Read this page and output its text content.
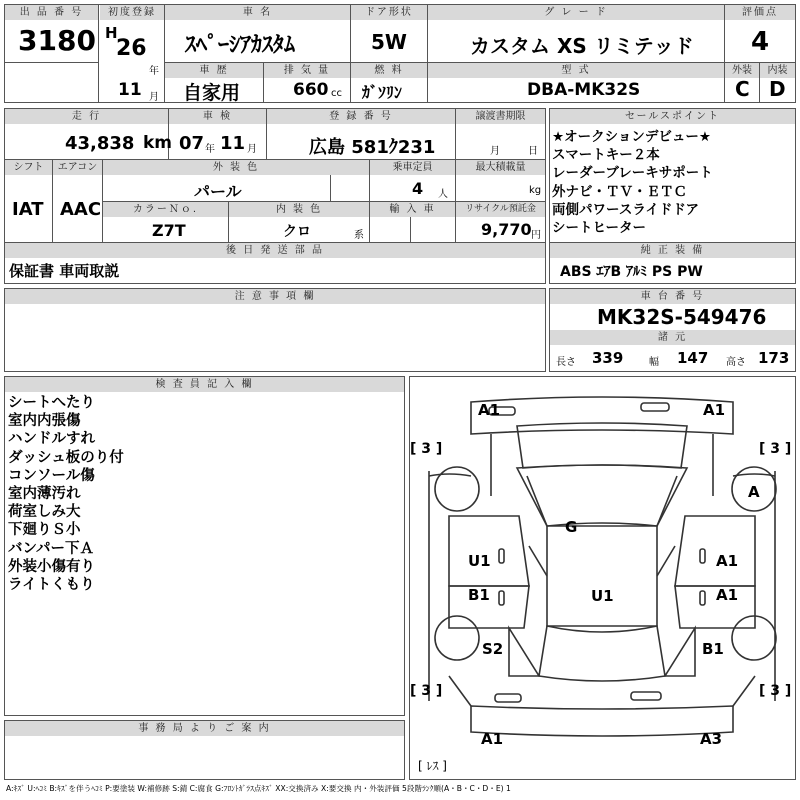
出 品 番 号
3180
初度登録
H
26
年
11 月
車 名
ｽﾍﾟｰｼｱｶｽﾀﾑ
ドア形状
5W
グ レ ー ド
カスタム XS リミテッド
評価点
4
車 歴
自家用
排 気 量
660 cc
燃 料
ｶﾞｿﾘﾝ
型 式
DBA-MK32S
外装	内装
C D
走 行
43,838 km
車 検
07 年 11 月
登 録 番 号
広島 581ｸ231
譲渡書期限
月	日
シフト
IAT
エアコン
AAC
外 装 色
パール
乗車定員
4 人
最大積載量
kg
カラーＮｏ.
Z7T
内 装 色
クロ	系
輸 入 車	リサイクル預託金
9,770 円
後 日 発 送 部 品
保証書 車両取説
セールスポイント
★オークションデビュー★
スマートキー２本
レーダーブレーキサポート
外ナビ・ＴＶ・ＥＴＣ
両側パワースライドドア
シートヒーター
純 正 装 備
ABS ｴｱB ｱﾙﾐ PS PW
注 意 事 項 欄	車 台 番 号
MK32S-549476
諸 元
長さ 339	幅 147 高さ 173
検 査 員 記 入 欄
シートへたり
室内内張傷
ハンドルすれ
ダッシュ板のり付
コンソール傷
室内薄汚れ
荷室しみ大
下廻りＳ小
バンパー下Ａ
外装小傷有り
ライトくもり
A1	A1
[ 3 ]	[ 3 ]
A
G
U1	A1
B1	A1
U1
S2	B1
[ 3 ]	[ 3 ]
A1	A3
[ ﾚｽ ]
事 務 局 よ り ご 案 内
A:ｷｽﾞ U:ﾍｺﾐ B:ｷｽﾞを伴うﾍｺﾐ P:要塗装 W:補修跡 S:錆 C:腐食 G:ﾌﾛﾝﾄｶﾞﾗｽ点ｷｽﾞ XX:交換済み X:要交換 内・外装評価 5段階ﾗﾝｸ順(A・B・C・D・E) 1
